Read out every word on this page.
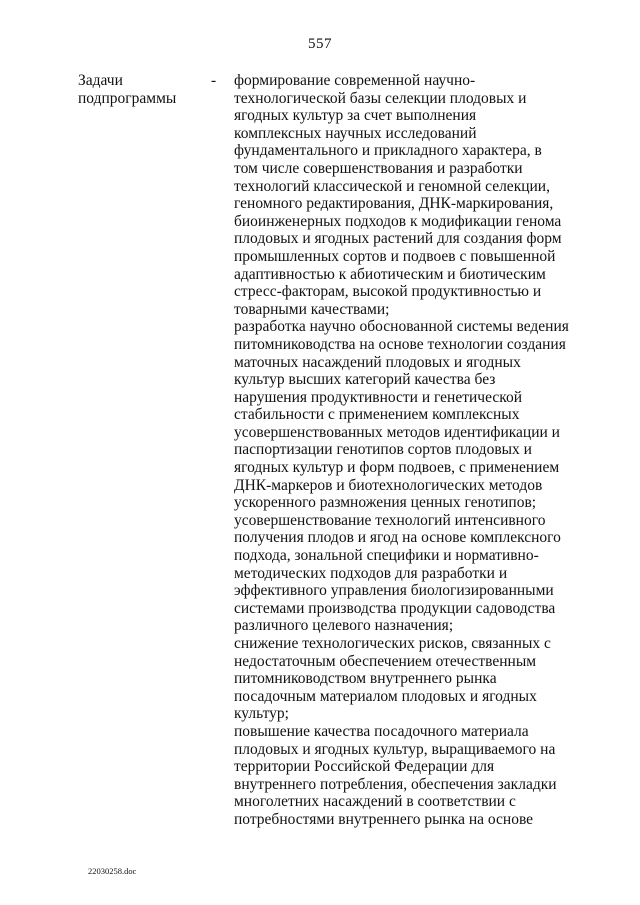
557
Задачи
подпрограммы
- формирование современной научно-
технологической базы селекции плодовых и
ягодных культур за счет выполнения
комплексных научных исследований
фундаментального и прикладного характера, в
том числе совершенствования и разработки
технологий классической и геномной селекции,
геномного редактирования, ДНК-маркирования,
биоинженерных подходов к модификации генома
плодовых и ягодных растений для создания форм
промышленных сортов и подвоев с повышенной
адаптивностью к абиотическим и биотическим
стресс-факторам, высокой продуктивностью и
товарными качествами;
разработка научно обоснованной системы ведения
питомниководства на основе технологии создания
маточных насаждений плодовых и ягодных
культур высших категорий качества без
нарушения продуктивности и генетической
стабильности с применением комплексных
усовершенствованных методов идентификации и
паспортизации генотипов сортов плодовых и
ягодных культур и форм подвоев, с применением
ДНК-маркеров и биотехнологических методов
ускоренного размножения ценных генотипов;
усовершенствование технологий интенсивного
получения плодов и ягод на основе комплексного
подхода, зональной специфики и нормативно-
методических подходов для разработки и
эффективного управления биологизированными
системами производства продукции садоводства
различного целевого назначения;
снижение технологических рисков, связанных с
недостаточным обеспечением отечественным
питомниководством внутреннего рынка
посадочным материалом плодовых и ягодных
культур;
повышение качества посадочного материала
плодовых и ягодных культур, выращиваемого на
территории Российской Федерации для
внутреннего потребления, обеспечения закладки
многолетних насаждений в соответствии с
потребностями внутреннего рынка на основе
22030258.doc
